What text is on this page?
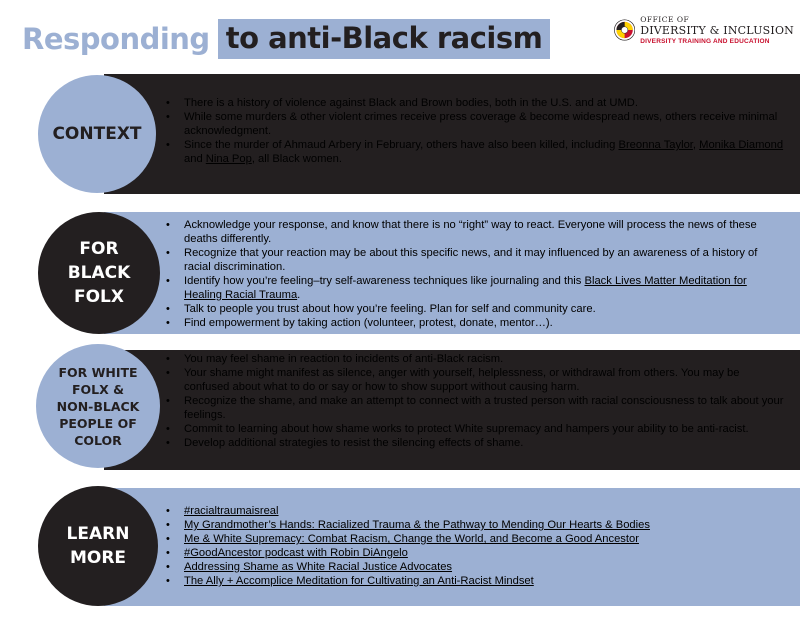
Responding to anti-Black racism
OFFICE OF
DIVERSITY & INCLUSION
DIVERSITY TRAINING AND EDUCATION
CONTEXT
• There is a history of violence against Black and Brown bodies, both in the U.S. and at UMD.
• While some murders & other violent crimes receive press coverage & become widespread news, others receive minimal acknowledgment.
• Since the murder of Ahmaud Arbery in February, others have also been killed, including Breonna Taylor, Monika Diamond and Nina Pop, all Black women.
FOR
BLACK
FOLX
• Acknowledge your response, and know that there is no “right” way to react. Everyone will process the news of these deaths differently.
• Recognize that your reaction may be about this specific news, and it may influenced by an awareness of a history of racial discrimination.
• Identify how you’re feeling–try self-awareness techniques like journaling and this Black Lives Matter Meditation for Healing Racial Trauma.
• Talk to people you trust about how you’re feeling. Plan for self and community care.
• Find empowerment by taking action (volunteer, protest, donate, mentor…).
FOR WHITE
FOLX &
NON-BLACK
PEOPLE OF
COLOR
• You may feel shame in reaction to incidents of anti-Black racism.
• Your shame might manifest as silence, anger with yourself, helplessness, or withdrawal from others. You may be confused about what to do or say or how to show support without causing harm.
• Recognize the shame, and make an attempt to connect with a trusted person with racial consciousness to talk about your feelings.
• Commit to learning about how shame works to protect White supremacy and hampers your ability to be anti-racist.
• Develop additional strategies to resist the silencing effects of shame.
LEARN
MORE
• #racialtraumaisreal
• My Grandmother’s Hands: Racialized Trauma & the Pathway to Mending Our Hearts & Bodies
• Me & White Supremacy: Combat Racism, Change the World, and Become a Good Ancestor
• #GoodAncestor podcast with Robin DiAngelo
• Addressing Shame as White Racial Justice Advocates
• The Ally + Accomplice Meditation for Cultivating an Anti-Racist Mindset
